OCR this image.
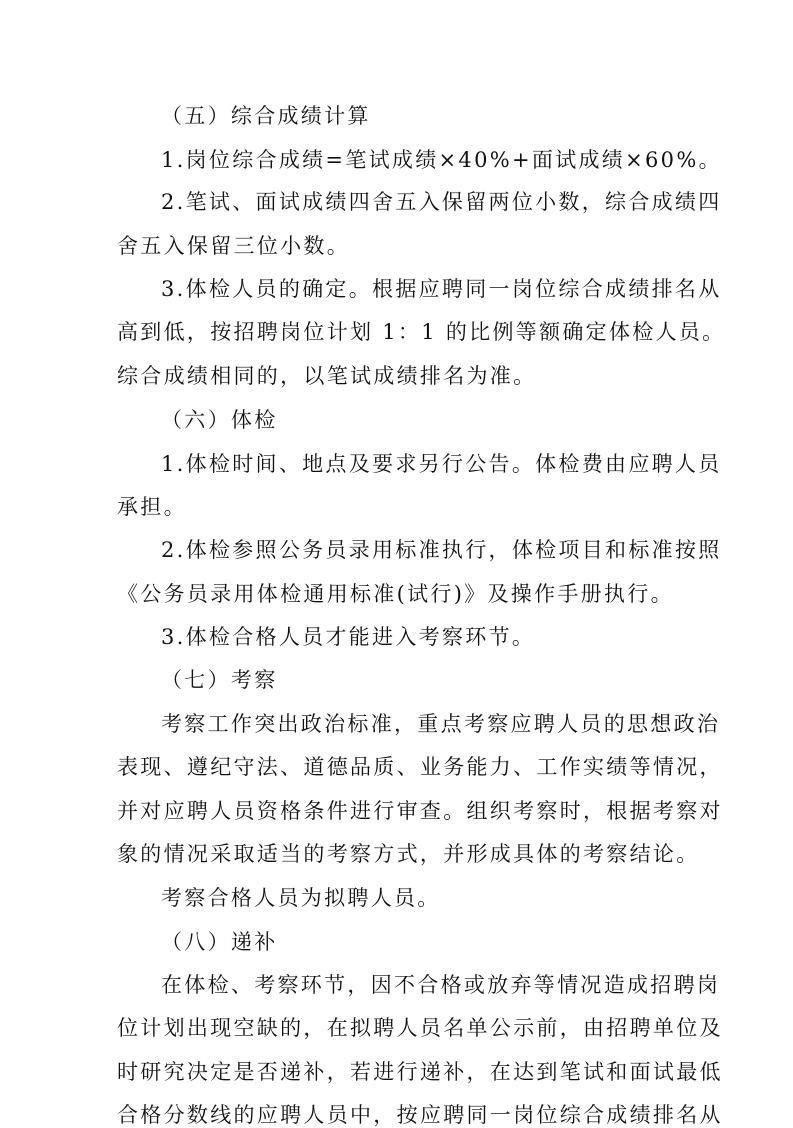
（五）综合成绩计算
1.岗位综合成绩=笔试成绩×40%+面试成绩×60%。
2.笔试、面试成绩四舍五入保留两位小数，综合成绩四
舍五入保留三位小数。
3.体检人员的确定。根据应聘同一岗位综合成绩排名从
高到低，按招聘岗位计划 1：1 的比例等额确定体检人员。
综合成绩相同的，以笔试成绩排名为准。
（六）体检
1.体检时间、地点及要求另行公告。体检费由应聘人员
承担。
2.体检参照公务员录用标准执行，体检项目和标准按照
《公务员录用体检通用标准(试行)》及操作手册执行。
3.体检合格人员才能进入考察环节。
（七）考察
考察工作突出政治标准，重点考察应聘人员的思想政治
表现、遵纪守法、道德品质、业务能力、工作实绩等情况，
并对应聘人员资格条件进行审查。组织考察时，根据考察对
象的情况采取适当的考察方式，并形成具体的考察结论。
考察合格人员为拟聘人员。
（八）递补
在体检、考察环节，因不合格或放弃等情况造成招聘岗
位计划出现空缺的，在拟聘人员名单公示前，由招聘单位及
时研究决定是否递补，若进行递补，在达到笔试和面试最低
合格分数线的应聘人员中，按应聘同一岗位综合成绩排名从
